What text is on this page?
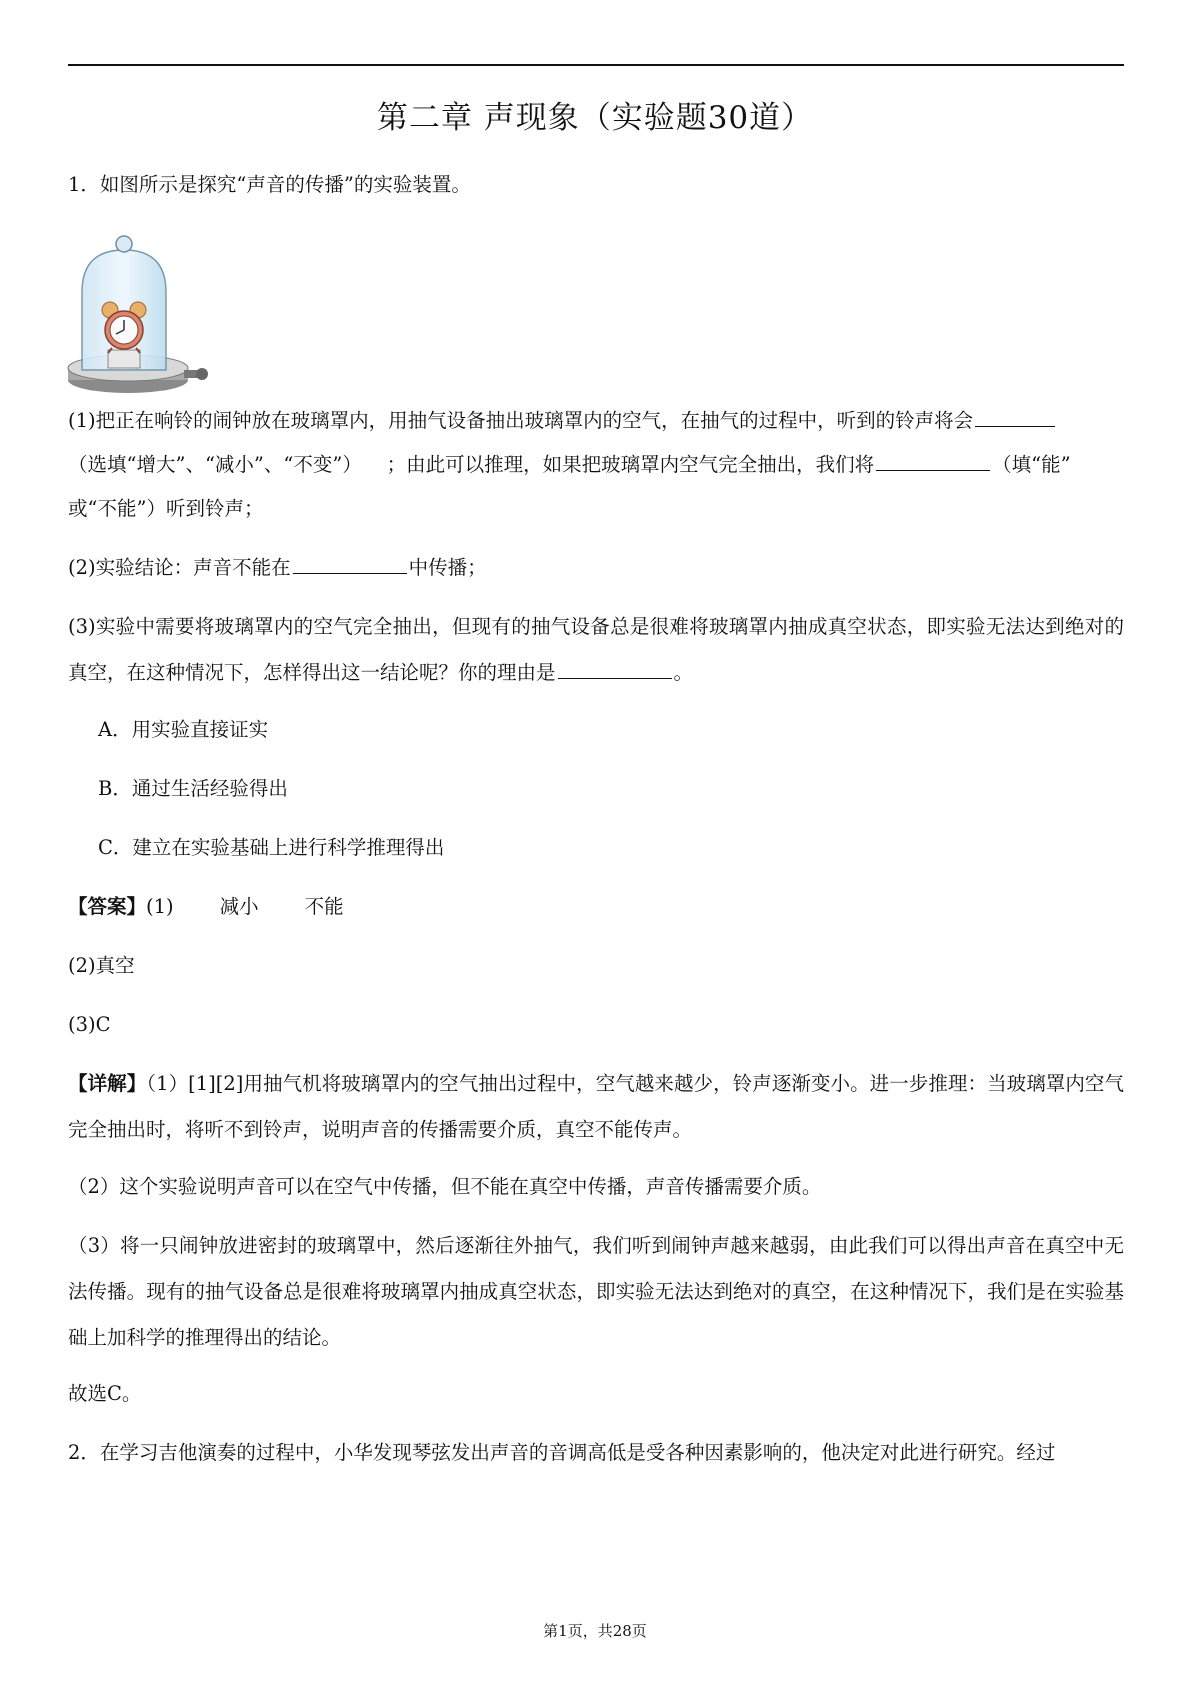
第二章 声现象（实验题30道）
1．如图所示是探究“声音的传播”的实验装置。
(1)把正在响铃的闹钟放在玻璃罩内，用抽气设备抽出玻璃罩内的空气，在抽气的过程中，听到的铃声将会
（选填“增大”、“减小”、“不变”） ；由此可以推理，如果把玻璃罩内空气完全抽出，我们将	（填“能”
或“不能”）听到铃声；
(2)实验结论：声音不能在	中传播；
(3)实验中需要将玻璃罩内的空气完全抽出，但现有的抽气设备总是很难将玻璃罩内抽成真空状态，即实验无法达到绝对的真空，在这种情况下，怎样得出这一结论呢？你的理由是	。
A．用实验直接证实
B．通过生活经验得出
C．建立在实验基础上进行科学推理得出
【答案】(1) 减小 不能
(2)真空
(3)C
【详解】（1）[1][2]用抽气机将玻璃罩内的空气抽出过程中，空气越来越少，铃声逐渐变小。进一步推理：当玻璃罩内空气完全抽出时，将听不到铃声，说明声音的传播需要介质，真空不能传声。
（2）这个实验说明声音可以在空气中传播，但不能在真空中传播，声音传播需要介质。
（3）将一只闹钟放进密封的玻璃罩中，然后逐渐往外抽气，我们听到闹钟声越来越弱，由此我们可以得出声音在真空中无法传播。现有的抽气设备总是很难将玻璃罩内抽成真空状态，即实验无法达到绝对的真空，在这种情况下，我们是在实验基础上加科学的推理得出的结论。
故选C。
2．在学习吉他演奏的过程中，小华发现琴弦发出声音的音调高低是受各种因素影响的，他决定对此进行研究。经过
第1页，共28页
